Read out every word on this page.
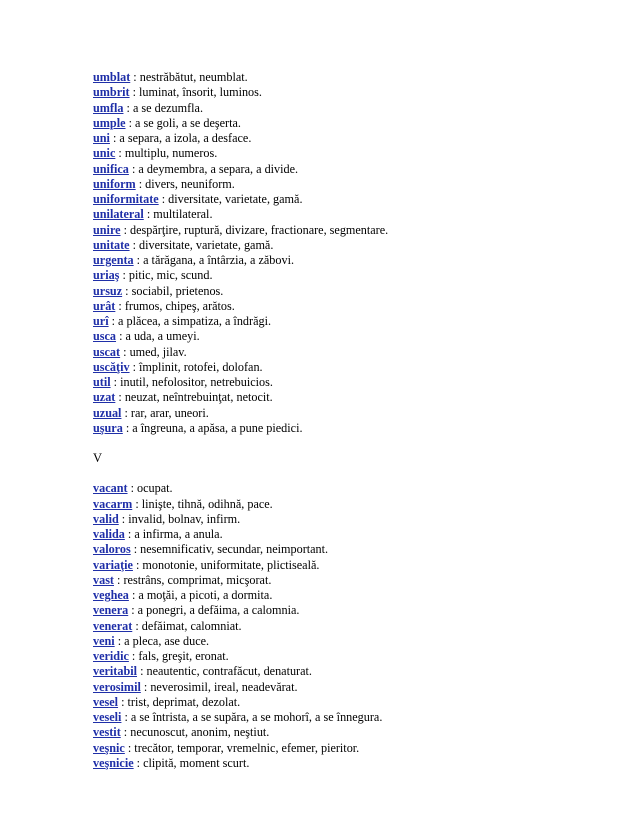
umblat : nestrăbătut, neumblat.
umbrit : luminat, însorit, luminos.
umfla : a se dezumfla.
umple : a se goli, a se deşerta.
uni : a separa, a izola, a desface.
unic : multiplu, numeros.
unifica : a deymembra, a separa, a divide.
uniform : divers, neuniform.
uniformitate : diversitate, varietate, gamă.
unilateral : multilateral.
unire : despărţire, ruptură, divizare, fractionare, segmentare.
unitate : diversitate, varietate, gamă.
urgenta : a tărăgana, a întârzia, a zăbovi.
uriaş : pitic, mic, scund.
ursuz : sociabil, prietenos.
urât : frumos, chipeş, arătos.
urî : a plăcea, a simpatiza, a îndrăgi.
usca : a uda, a umeyi.
uscat : umed, jilav.
uscăţiv : împlinit, rotofei, dolofan.
util : inutil, nefolositor, netrebuicios.
uzat : neuzat, neîntrebuinţat, netocit.
uzual : rar, arar, uneori.
uşura : a îngreuna, a apăsa, a pune piedici.
V
vacant : ocupat.
vacarm : linişte, tihnă, odihnă, pace.
valid : invalid, bolnav, infirm.
valida : a infirma, a anula.
valoros : nesemnificativ, secundar, neimportant.
variaţie : monotonie, uniformitate, plictiseală.
vast : restrâns, comprimat, micşorat.
veghea : a moţăi, a picoti, a dormita.
venera : a ponegri, a defăima, a calomnia.
venerat : defăimat, calomniat.
veni : a pleca, ase duce.
veridic : fals, greşit, eronat.
veritabil : neautentic, contrafăcut, denaturat.
verosimil : neverosimil, ireal, neadevărat.
vesel : trist, deprimat, dezolat.
veseli : a se întrista, a se supăra, a se mohorî, a se înnegura.
vestit : necunoscut, anonim, neştiut.
veşnic : trecător, temporar, vremelnic, efemer, pieritor.
veşnicie : clipită, moment scurt.
